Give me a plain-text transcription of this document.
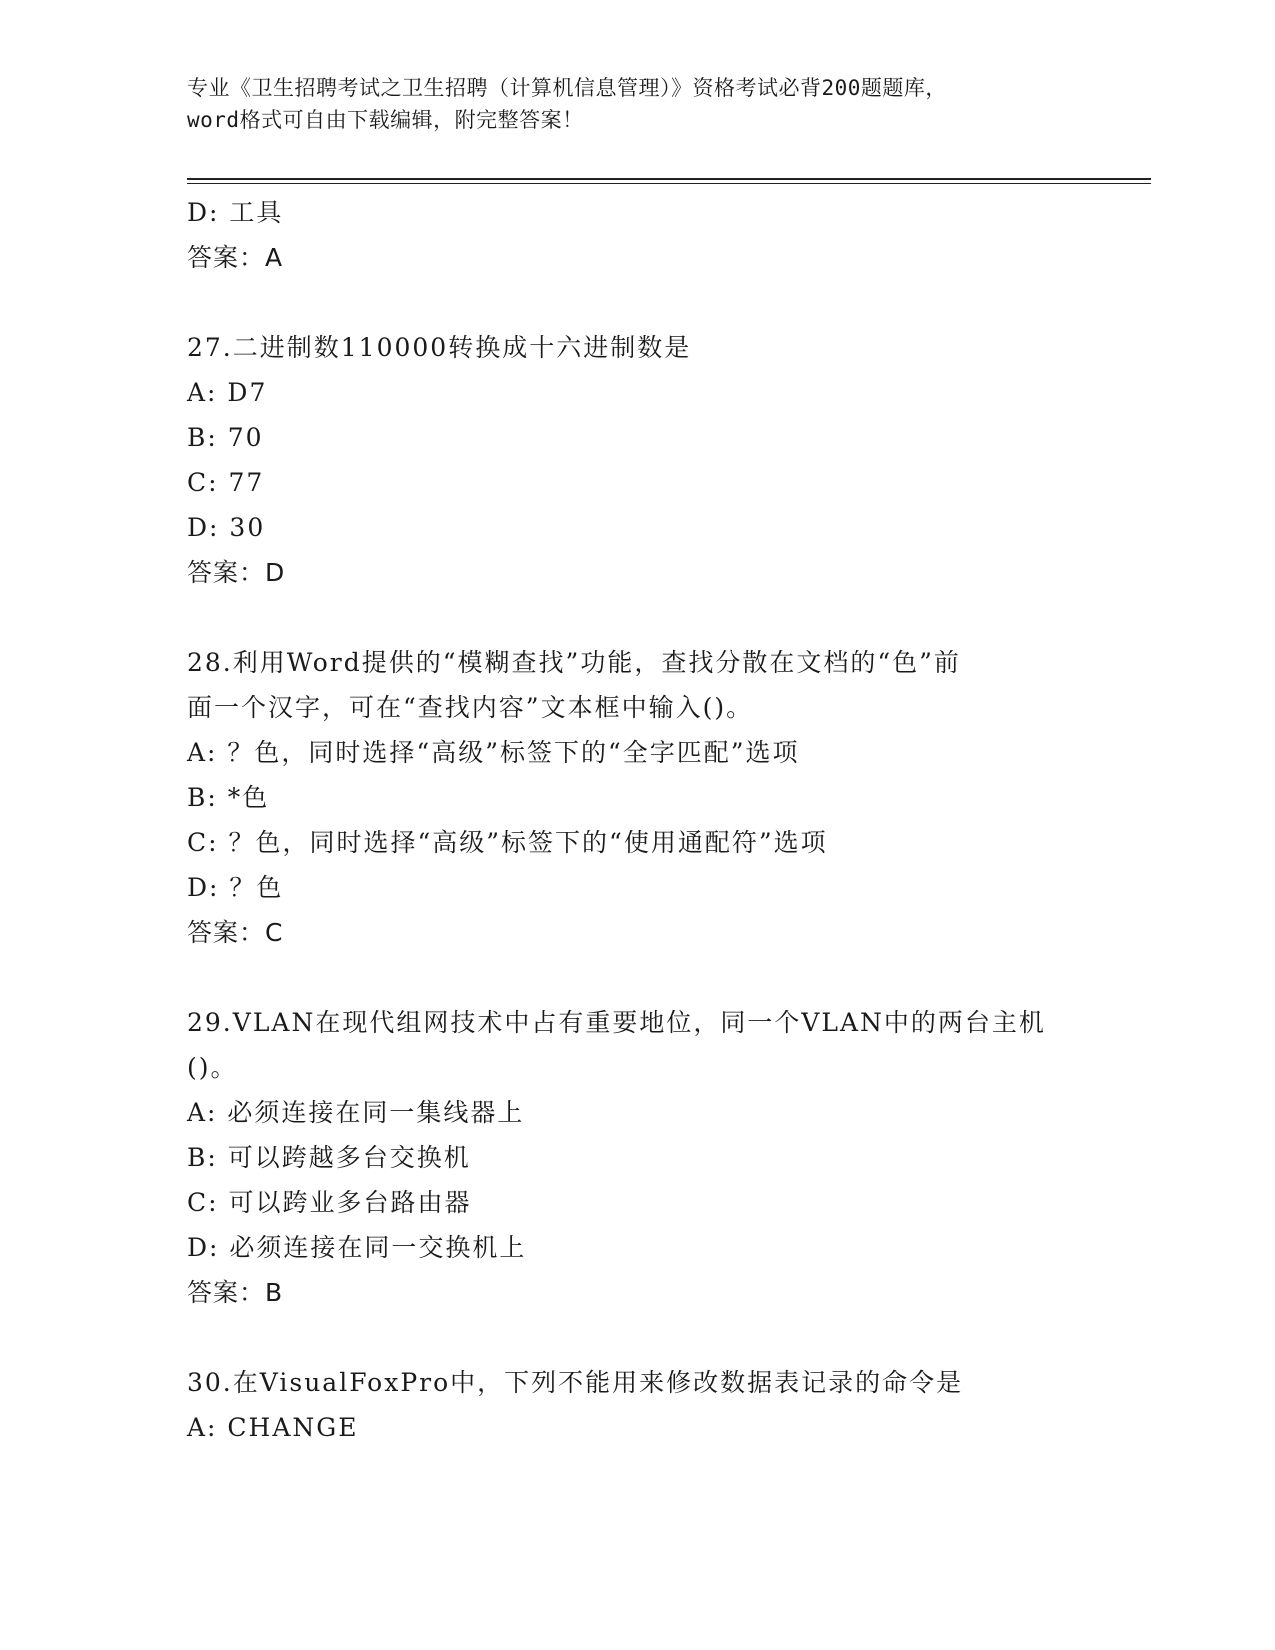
专业《卫生招聘考试之卫生招聘（计算机信息管理）》资格考试必背200题题库，
word格式可自由下载编辑，附完整答案！
D: 工具
答案：A
27.二进制数110000转换成十六进制数是
A: D7
B: 70
C: 77
D: 30
答案：D
28.利用Word提供的“模糊查找”功能，查找分散在文档的“色”前
面一个汉字，可在“查找内容”文本框中输入()。
A: ？色，同时选择“高级”标签下的“全字匹配”选项
B: *色
C: ？色，同时选择“高级”标签下的“使用通配符”选项
D: ？色
答案：C
29.VLAN在现代组网技术中占有重要地位，同一个VLAN中的两台主机
()。
A: 必须连接在同一集线器上
B: 可以跨越多台交换机
C: 可以跨业多台路由器
D: 必须连接在同一交换机上
答案：B
30.在VisualFoxPro中，下列不能用来修改数据表记录的命令是
A: CHANGE
